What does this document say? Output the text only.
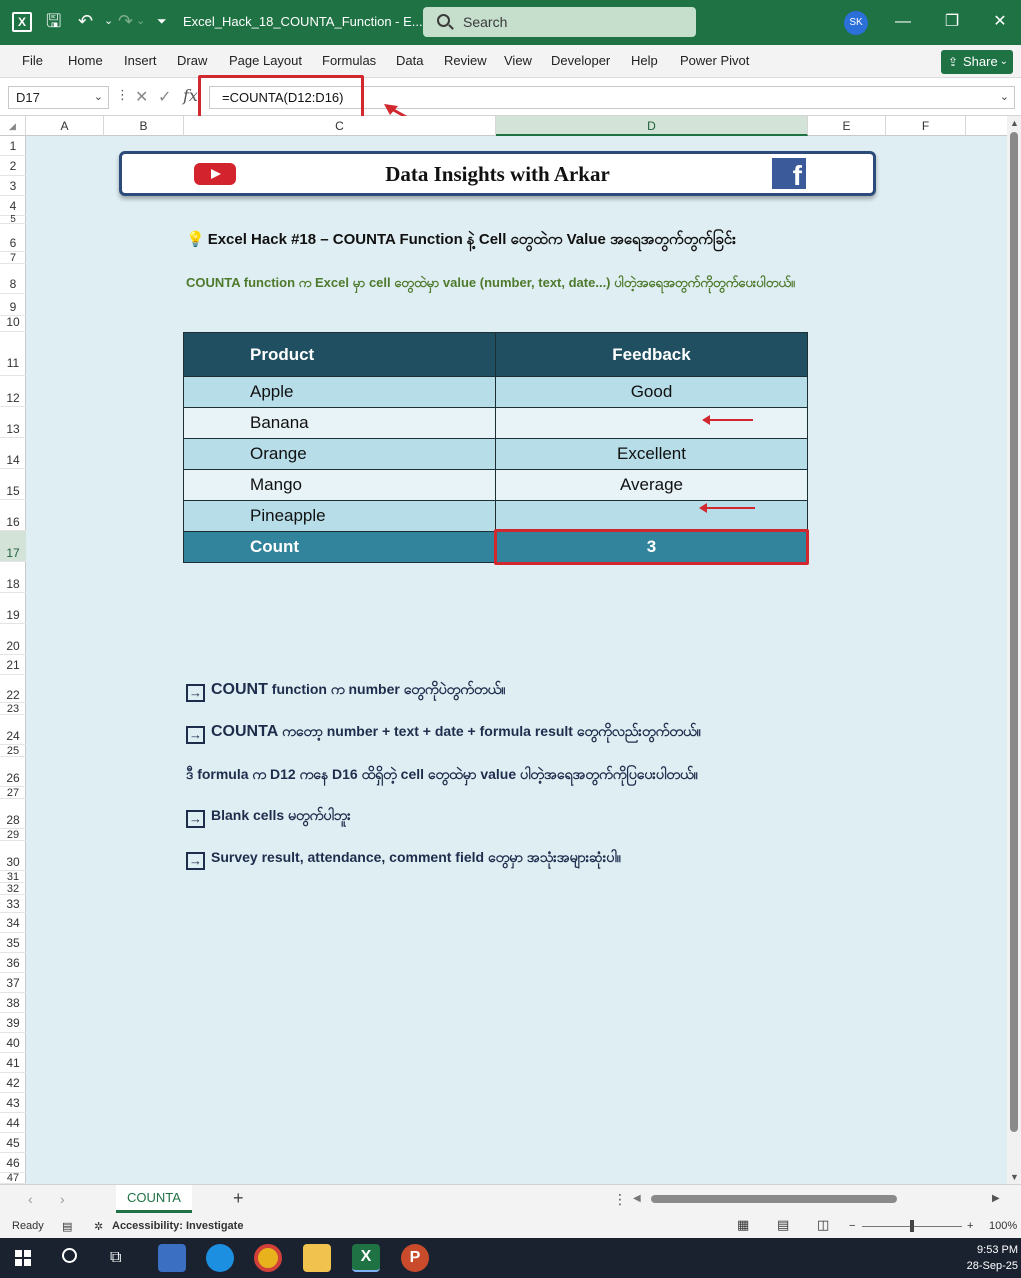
X	🖫 ↶ ⌄ ↷ ⌄ ⏷ Excel_Hack_18_COUNTA_Function - E...	Search	SK	—	❐	✕
File Home Insert Draw Page Layout Formulas Data Review View Developer Help Power Pivot	⇪ Share ⌄
D17	⌄ ⋮ ✕ ✓ fx	=COUNTA(D12:D16)	⌄
◢	A	B	C	D	E	F
1
2
3
4
5
6
7
8
9
10
11
12
13
14
15
16
17
18
19
20
21
22
23
24
25
26
27
28
29
30
31
32
33
34
35
36
37
38
39
40
41
42
43
44
45
46
47
Data Insights with Arkar	f
💡 Excel Hack #18 – COUNTA Function နဲ့ Cell တွေထဲက Value အရေအတွက်တွက်ခြင်း
COUNTA function က Excel မှာ cell တွေထဲမှာ value (number, text, date...) ပါတဲ့အရေအတွက်ကိုတွက်ပေးပါတယ်။
Product	Feedback
Apple	Good
Banana	
Orange	Excellent
Mango	Average
Pineapple	
Count	3
→ COUNT function က number တွေကိုပဲတွက်တယ်။
→ COUNTA ကတော့ number + text + date + formula result တွေကိုလည်းတွက်တယ်။
ဒီ formula က D12 ကနေ D16 ထိရှိတဲ့ cell တွေထဲမှာ value ပါတဲ့အရေအတွက်ကိုပြပေးပါတယ်။
→ Blank cells မတွက်ပါဘူး
→ Survey result, attendance, comment field တွေမှာ အသုံးအများဆုံးပါ။
▲
▼
‹ ›	COUNTA	+	⋮ ◀	▶
Ready ▤ ✲ Accessibility: Investigate	▦ ▤ ◫ −	+ 100%
⧉	X	P	9:53 PM
28-Sep-25
